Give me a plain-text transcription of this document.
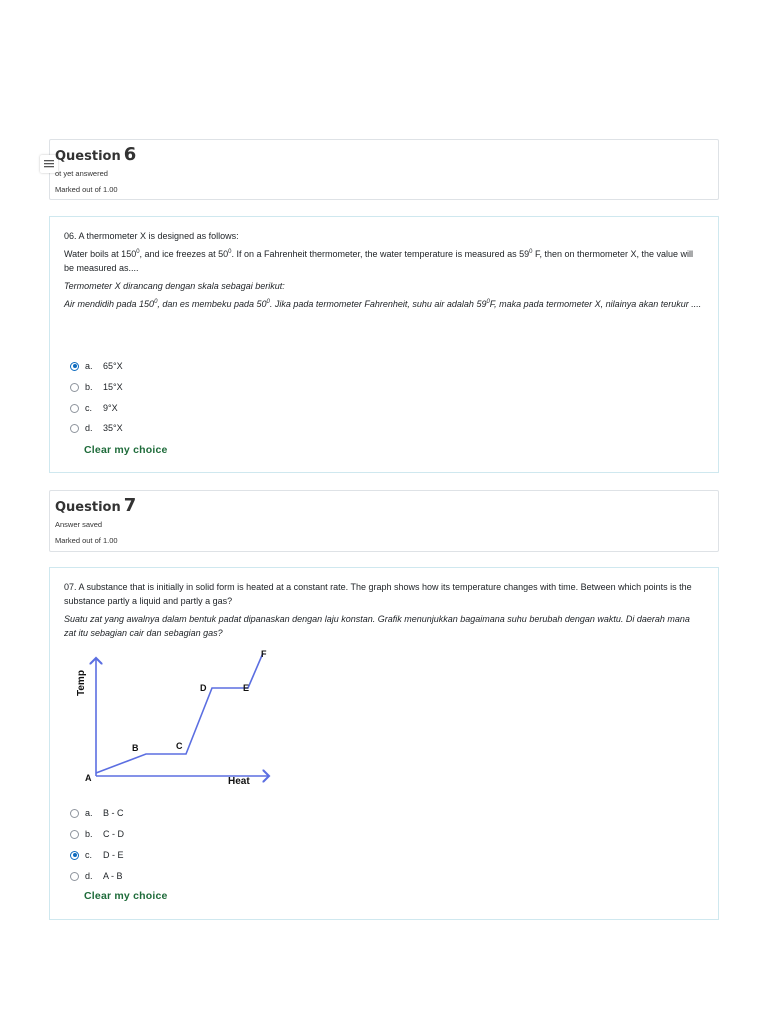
Question 6
ot yet answered
Marked out of 1.00

06. A thermometer X is designed as follows:

Water boils at $150^0$, and ice freezes at $50^0$. If on a Fahrenheit thermometer, the water temperature is measured as $59^0$ F, then on thermometer X, the value will be measured as....

Termometer X dirancang dengan skala sebagai berikut:

Air mendidih pada $150^0$, dan es membeku pada $50^0$. Jika pada termometer Fahrenheit, suhu air adalah $59^0F$, maka pada termometer X, nilainya akan terukur ....

a.	65°X
b.	15°X
c.	9°X
d.	35°X
Clear my choice
Question 7
Answer saved
Marked out of 1.00

07. A substance that is initially in solid form is heated at a constant rate. The graph shows how its temperature changes with time. Between which points is the substance partly a liquid and partly a gas?

Suatu zat yang awalnya dalam bentuk padat dipanaskan dengan laju konstan. Grafik menunjukkan bagaimana suhu berubah dengan waktu. Di daerah mana zat itu sebagian cair dan sebagian gas?

a.	B - C
b.	C - D
c.	D - E
d.	A - B
Clear my choice
Temp
Heat
A
B	C
D	E
F
